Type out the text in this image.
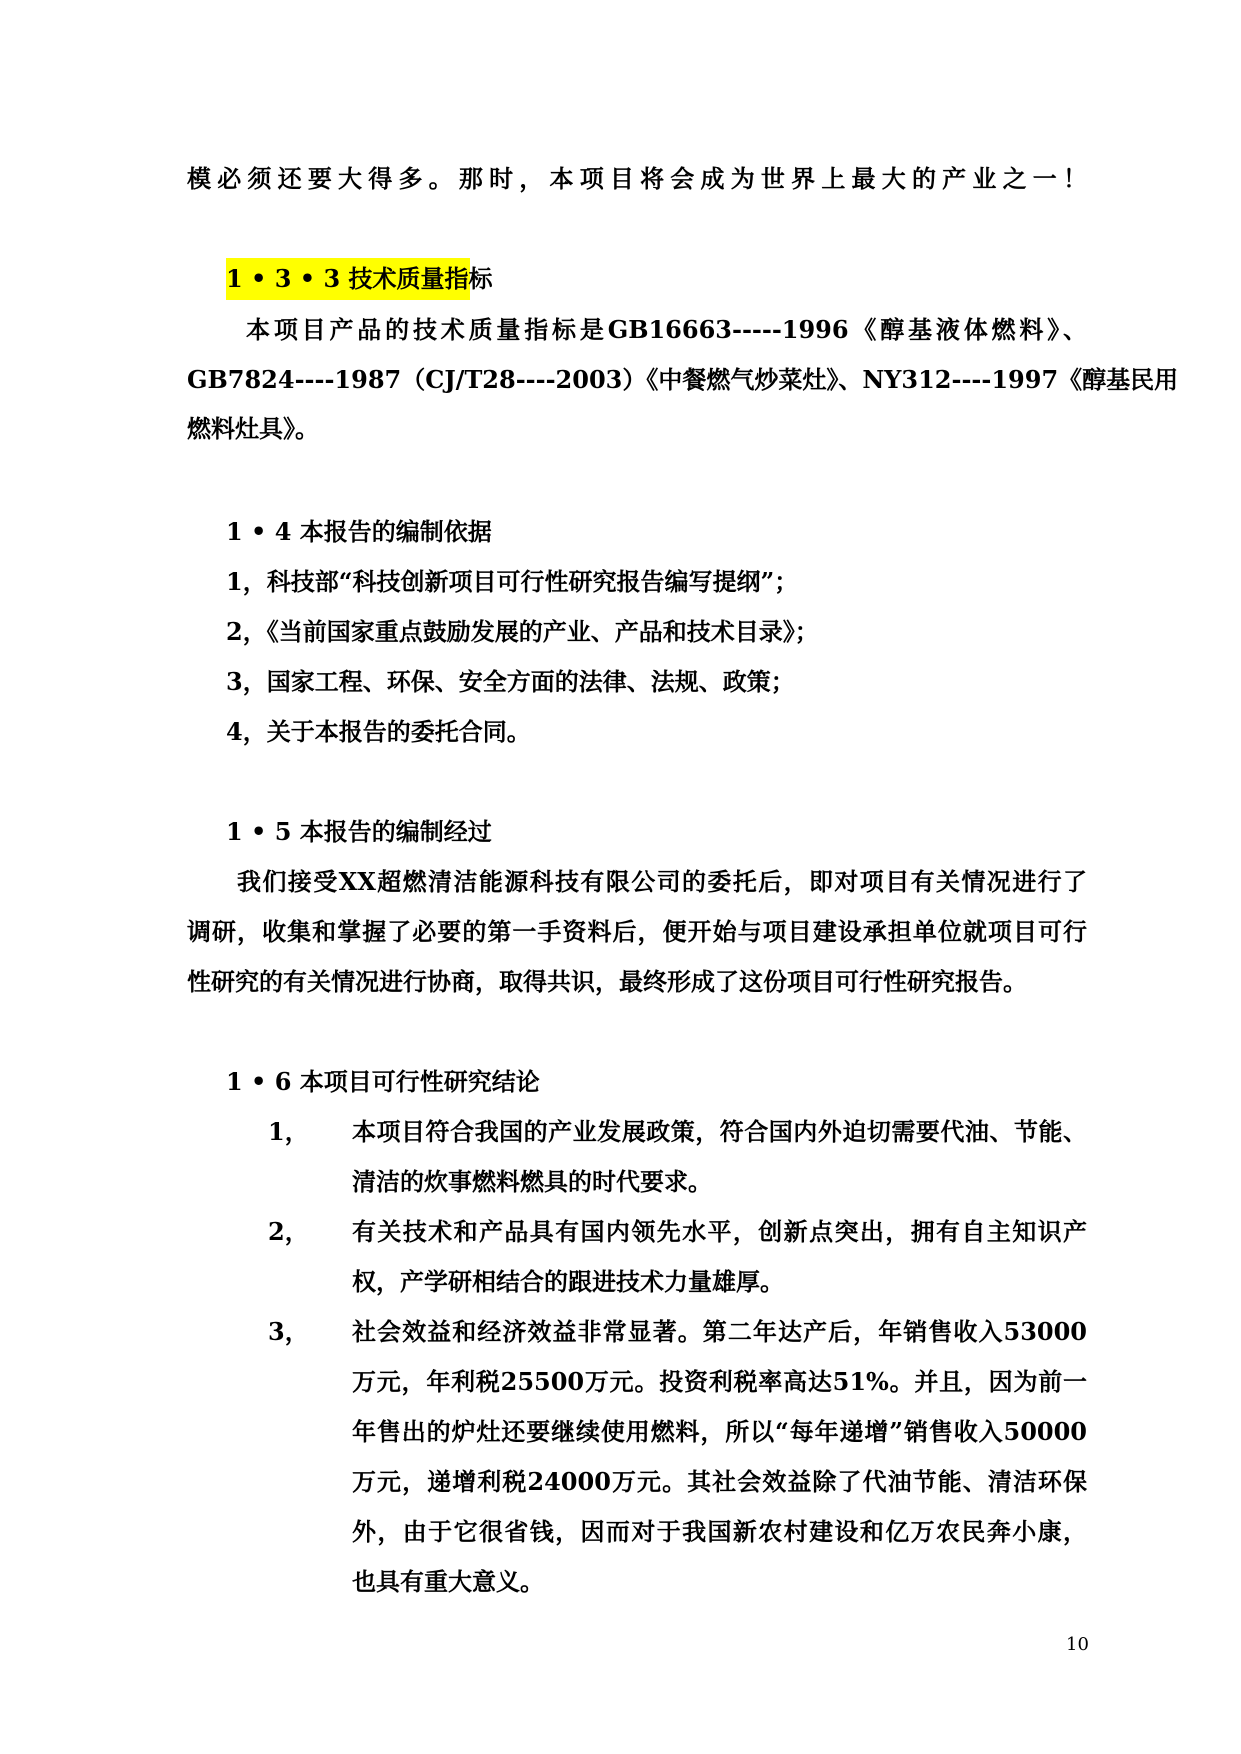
模必须还要大得多。那时，本项目将会成为世界上最大的产业之一！
1 • 3 • 3 技术质量指标
本项目产品的技术质量指标是GB16663-----1996《醇基液体燃料》、
GB7824----1987（CJ/T28----2003）《中餐燃气炒菜灶》、NY312----1997《醇基民用
燃料灶具》。
1 • 4 本报告的编制依据
1，科技部“科技创新项目可行性研究报告编写提纲”；
2，《当前国家重点鼓励发展的产业、产品和技术目录》；
3，国家工程、环保、安全方面的法律、法规、政策；
4，关于本报告的委托合同。
1 • 5 本报告的编制经过
我们接受XX超燃清洁能源科技有限公司的委托后，即对项目有关情况进行了
调研，收集和掌握了必要的第一手资料后，便开始与项目建设承担单位就项目可行
性研究的有关情况进行协商，取得共识，最终形成了这份项目可行性研究报告。
1 • 6 本项目可行性研究结论
1， 本项目符合我国的产业发展政策，符合国内外迫切需要代油、节能、
清洁的炊事燃料燃具的时代要求。
2， 有关技术和产品具有国内领先水平，创新点突出，拥有自主知识产
权，产学研相结合的跟进技术力量雄厚。
3， 社会效益和经济效益非常显著。第二年达产后，年销售收入53000
万元，年利税25500万元。投资利税率高达51%。并且，因为前一
年售出的炉灶还要继续使用燃料，所以“每年递增”销售收入50000
万元，递增利税24000万元。其社会效益除了代油节能、清洁环保
外，由于它很省钱，因而对于我国新农村建设和亿万农民奔小康，
也具有重大意义。
10
